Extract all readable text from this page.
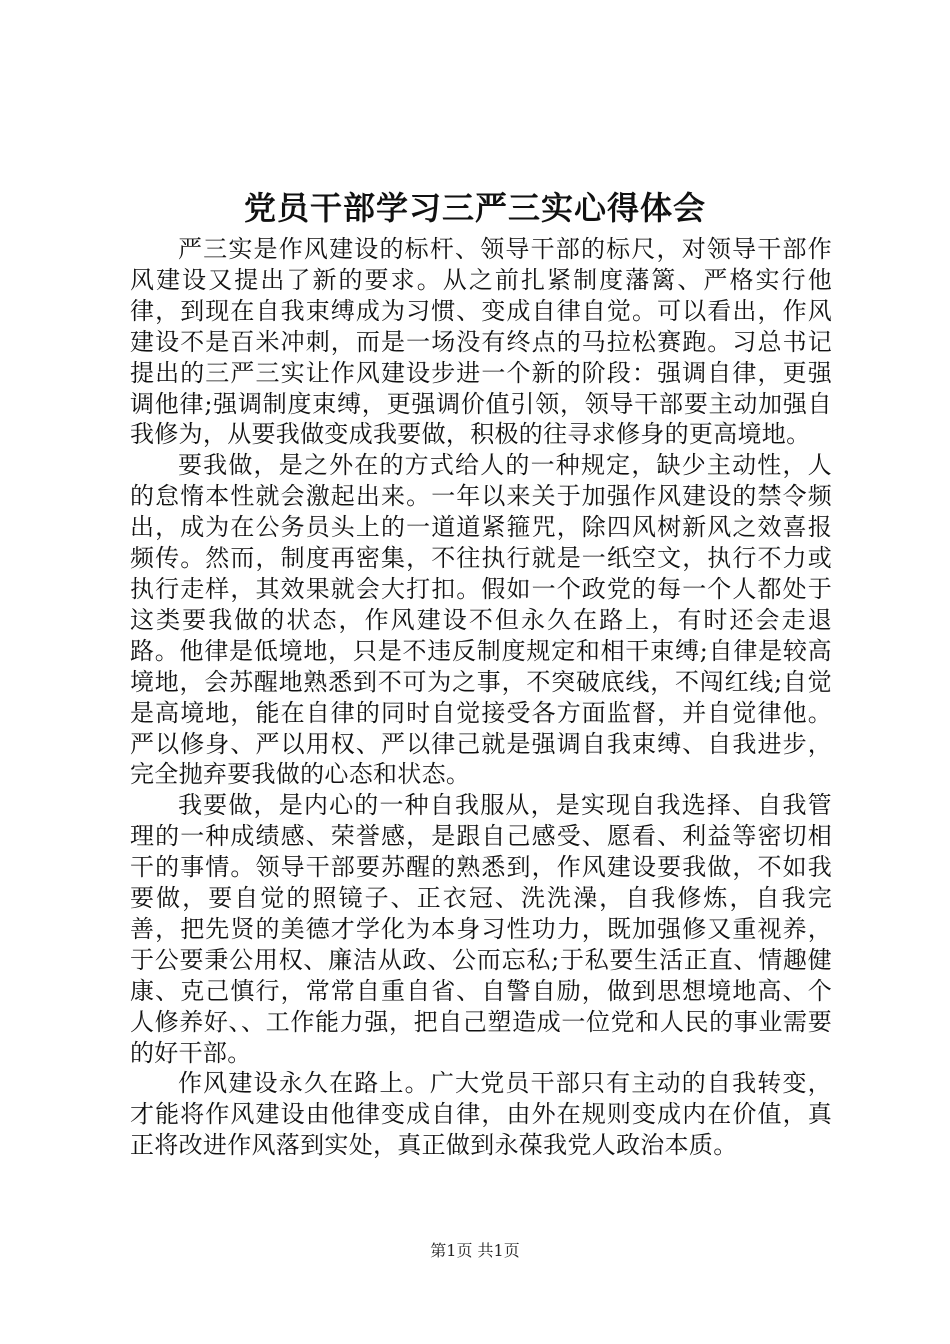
党员干部学习三严三实心得体会

严三实是作风建设的标杆、领导干部的标尺，对领导干部作风建设又提出了新的要求。从之前扎紧制度藩篱、严格实行他律，到现在自我束缚成为习惯、变成自律自觉。可以看出，作风建设不是百米冲刺，而是一场没有终点的马拉松赛跑。习总书记提出的三严三实让作风建设步进一个新的阶段：强调自律，更强调他律;强调制度束缚，更强调价值引领，领导干部要主动加强自我修为，从要我做变成我要做，积极的往寻求修身的更高境地。

要我做，是之外在的方式给人的一种规定，缺少主动性，人的怠惰本性就会激起出来。一年以来关于加强作风建设的禁令频出，成为在公务员头上的一道道紧箍咒，除四风树新风之效喜报频传。然而，制度再密集，不往执行就是一纸空文，执行不力或执行走样，其效果就会大打扣。假如一个政党的每一个人都处于这类要我做的状态，作风建设不但永久在路上，有时还会走退路。他律是低境地，只是不违反制度规定和相干束缚;自律是较高境地，会苏醒地熟悉到不可为之事，不突破底线，不闯红线;自觉是高境地，能在自律的同时自觉接受各方面监督，并自觉律他。严以修身、严以用权、严以律己就是强调自我束缚、自我进步，完全抛弃要我做的心态和状态。

我要做，是内心的一种自我服从，是实现自我选择、自我管理的一种成绩感、荣誉感，是跟自己感受、愿看、利益等密切相干的事情。领导干部要苏醒的熟悉到，作风建设要我做，不如我要做，要自觉的照镜子、正衣冠、洗洗澡，自我修炼，自我完善，把先贤的美德才学化为本身习性功力，既加强修又重视养，于公要秉公用权、廉洁从政、公而忘私;于私要生活正直、情趣健康、克己慎行，常常自重自省、自警自励，做到思想境地高、个人修养好、、工作能力强，把自己塑造成一位党和人民的事业需要的好干部。

作风建设永久在路上。广大党员干部只有主动的自我转变，才能将作风建设由他律变成自律，由外在规则变成内在价值，真正将改进作风落到实处，真正做到永葆我党人政治本质。

第1页 共1页
